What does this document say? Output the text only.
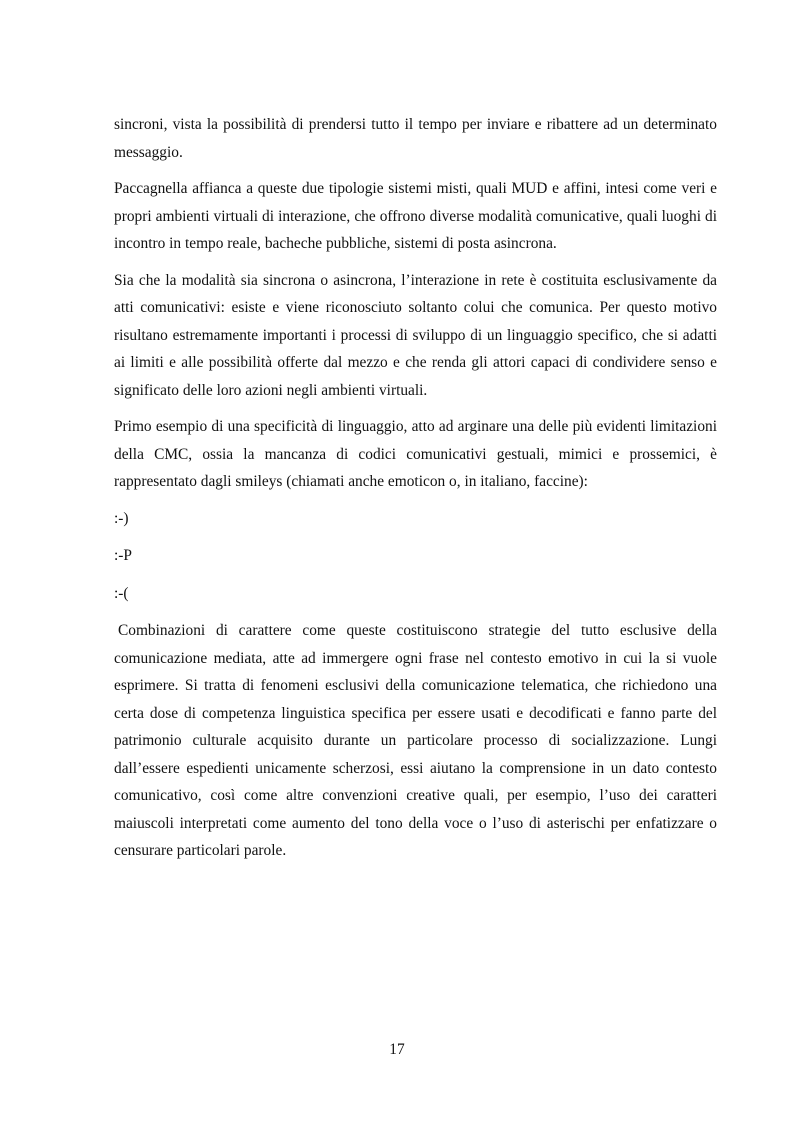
sincroni, vista la possibilità di prendersi tutto il tempo per inviare e ribattere ad un determinato messaggio.

Paccagnella affianca a queste due tipologie sistemi misti, quali MUD e affini, intesi come veri e propri ambienti virtuali di interazione, che offrono diverse modalità comunicative, quali luoghi di incontro in tempo reale, bacheche pubbliche, sistemi di posta asincrona.

Sia che la modalità sia sincrona o asincrona, l’interazione in rete è costituita esclusivamente da atti comunicativi: esiste e viene riconosciuto soltanto colui che comunica. Per questo motivo risultano estremamente importanti i processi di sviluppo di un linguaggio specifico, che si adatti ai limiti e alle possibilità offerte dal mezzo e che renda gli attori capaci di condividere senso e significato delle loro azioni negli ambienti virtuali.

Primo esempio di una specificità di linguaggio, atto ad arginare una delle più evidenti limitazioni della CMC, ossia la mancanza di codici comunicativi gestuali, mimici e prossemici, è rappresentato dagli smileys (chiamati anche emoticon o, in italiano, faccine):

:-)
:-P
:-(

Combinazioni di carattere come queste costituiscono strategie del tutto esclusive della comunicazione mediata, atte ad immergere ogni frase nel contesto emotivo in cui la si vuole esprimere. Si tratta di fenomeni esclusivi della comunicazione telematica, che richiedono una certa dose di competenza linguistica specifica per essere usati e decodificati e fanno parte del patrimonio culturale acquisito durante un particolare processo di socializzazione. Lungi dall’essere espedienti unicamente scherzosi, essi aiutano la comprensione in un dato contesto comunicativo, così come altre convenzioni creative quali, per esempio, l’uso dei caratteri maiuscoli interpretati come aumento del tono della voce o l’uso di asterischi per enfatizzare o censurare particolari parole.

17
